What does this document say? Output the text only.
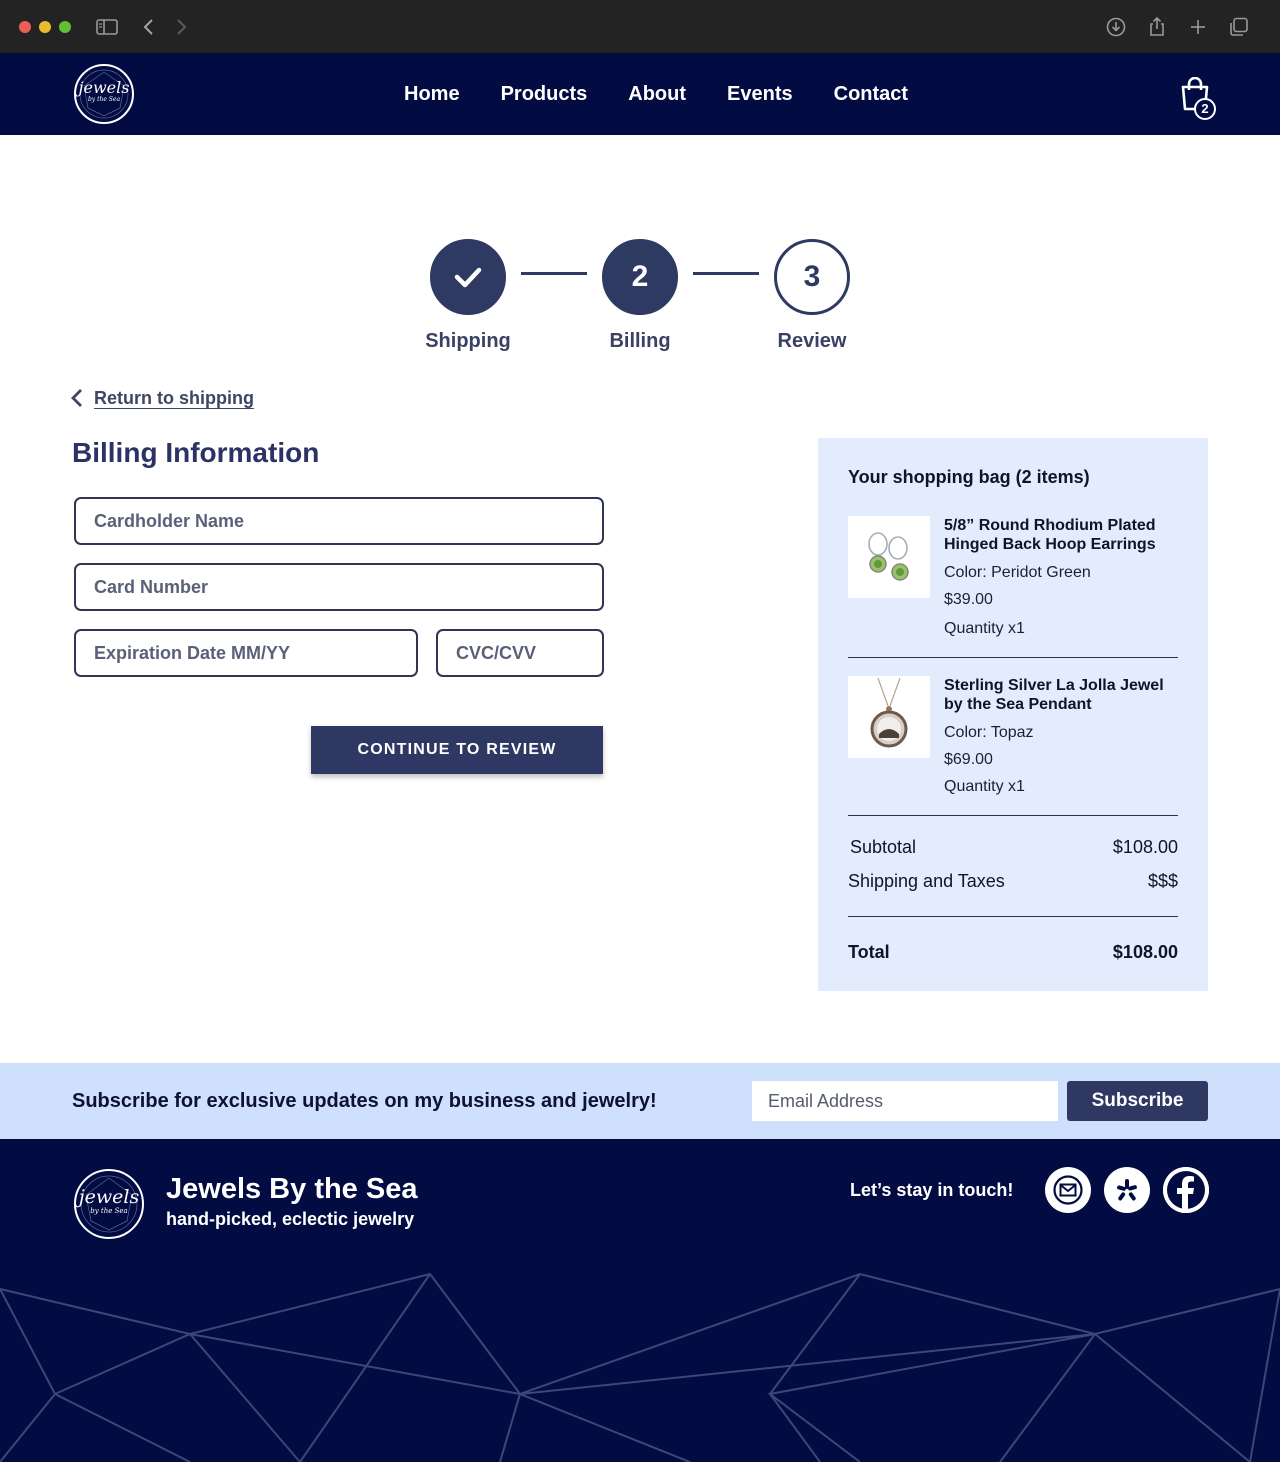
jewels
by the Sea	Home Products About Events Contact
2
2	3
Shipping	Billing	Review
Return to shipping
Billing Information
Cardholder Name
Card Number
Expiration Date MM/YY
CVC/CVV
CONTINUE TO REVIEW
Your shopping bag (2 items)
5/8” Round Rhodium Plated Hinged Back Hoop Earrings
Color: Peridot Green
$39.00
Quantity x1
Sterling Silver La Jolla Jewel by the Sea Pendant
Color: Topaz
$69.00
Quantity x1
Subtotal	$108.00
Shipping and Taxes	$$$
Total	$108.00
Subscribe for exclusive updates on my business and jewelry!
Email Address	Subscribe
jewels
by the Sea
Jewels By the Sea
hand-picked, eclectic jewelry
Let’s stay in touch!
